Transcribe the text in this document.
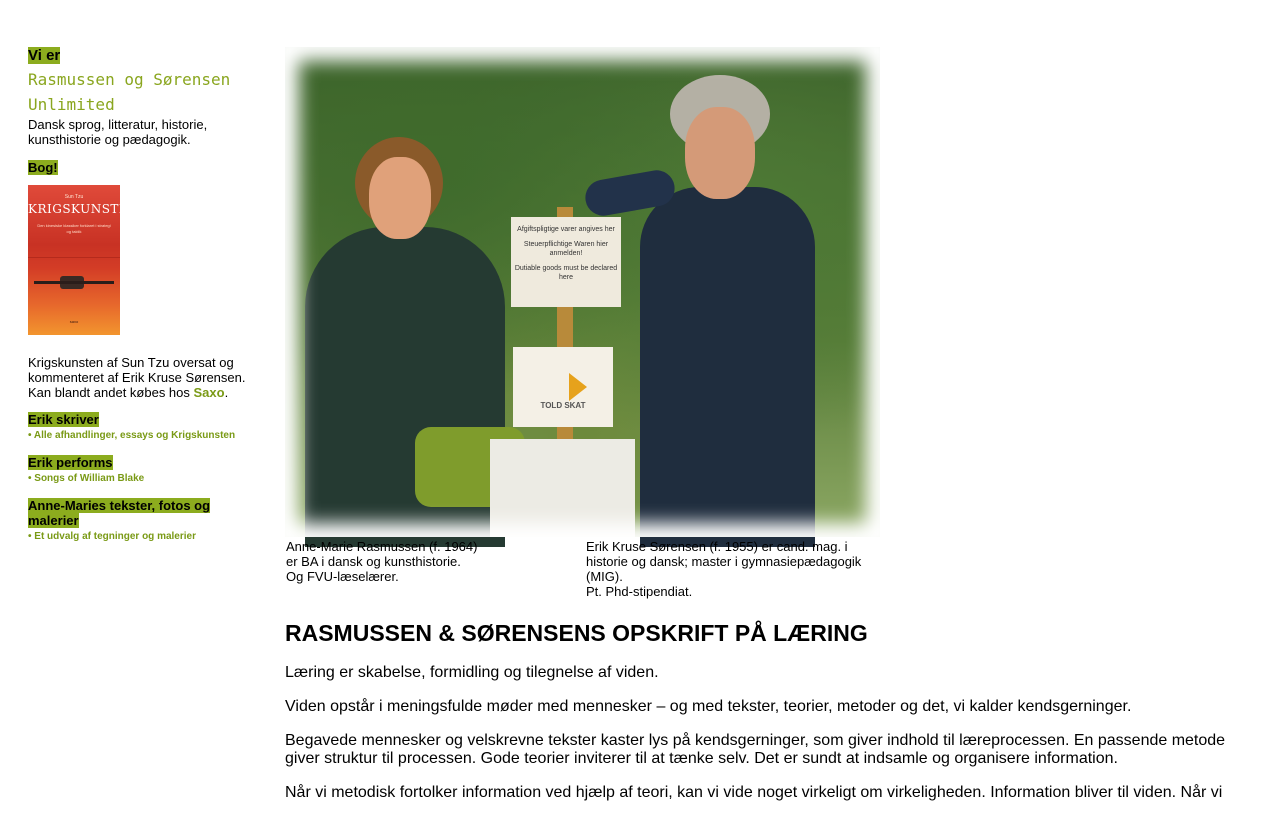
Vi er
Rasmussen og Sørensen
Unlimited
Dansk sprog, litteratur, historie, kunsthistorie og pædagogik.
Bog!
Sun Tzu
KRIGSKUNSTEN
Den kinesiske klassiker forklaret i strategi og taktik
saxo
Krigskunsten af Sun Tzu oversat og kommenteret af Erik Kruse Sørensen. Kan blandt andet købes hos Saxo.
Erik skriver
• Alle afhandlinger, essays og Krigskunsten
Erik performs
• Songs of William Blake
Anne-Maries tekster, fotos og malerier
• Et udvalg af tegninger og malerier
Afgiftspligtige varer angives her
Steuerpflichtige Waren hier anmelden!
Dutiable goods must be declared here
TOLD SKAT
Anne-Marie Rasmussen (f. 1964)
er BA i dansk og kunsthistorie.
Og FVU-læselærer.
Erik Kruse Sørensen (f. 1955) er cand. mag. i historie og dansk; master i gymnasiepædagogik (MIG).
Pt. Phd-stipendiat.
RASMUSSEN & SØRENSENS OPSKRIFT PÅ LÆRING

Læring er skabelse, formidling og tilegnelse af viden.

Viden opstår i meningsfulde møder med mennesker – og med tekster, teorier, metoder og det, vi kalder kendsgerninger.

Begavede mennesker og velskrevne tekster kaster lys på kendsgerninger, som giver indhold til læreprocessen. En passende metode giver struktur til processen. Gode teorier inviterer til at tænke selv. Det er sundt at indsamle og organisere information.

Når vi metodisk fortolker information ved hjælp af teori, kan vi vide noget virkeligt om virkeligheden. Information bliver til viden. Når vi
